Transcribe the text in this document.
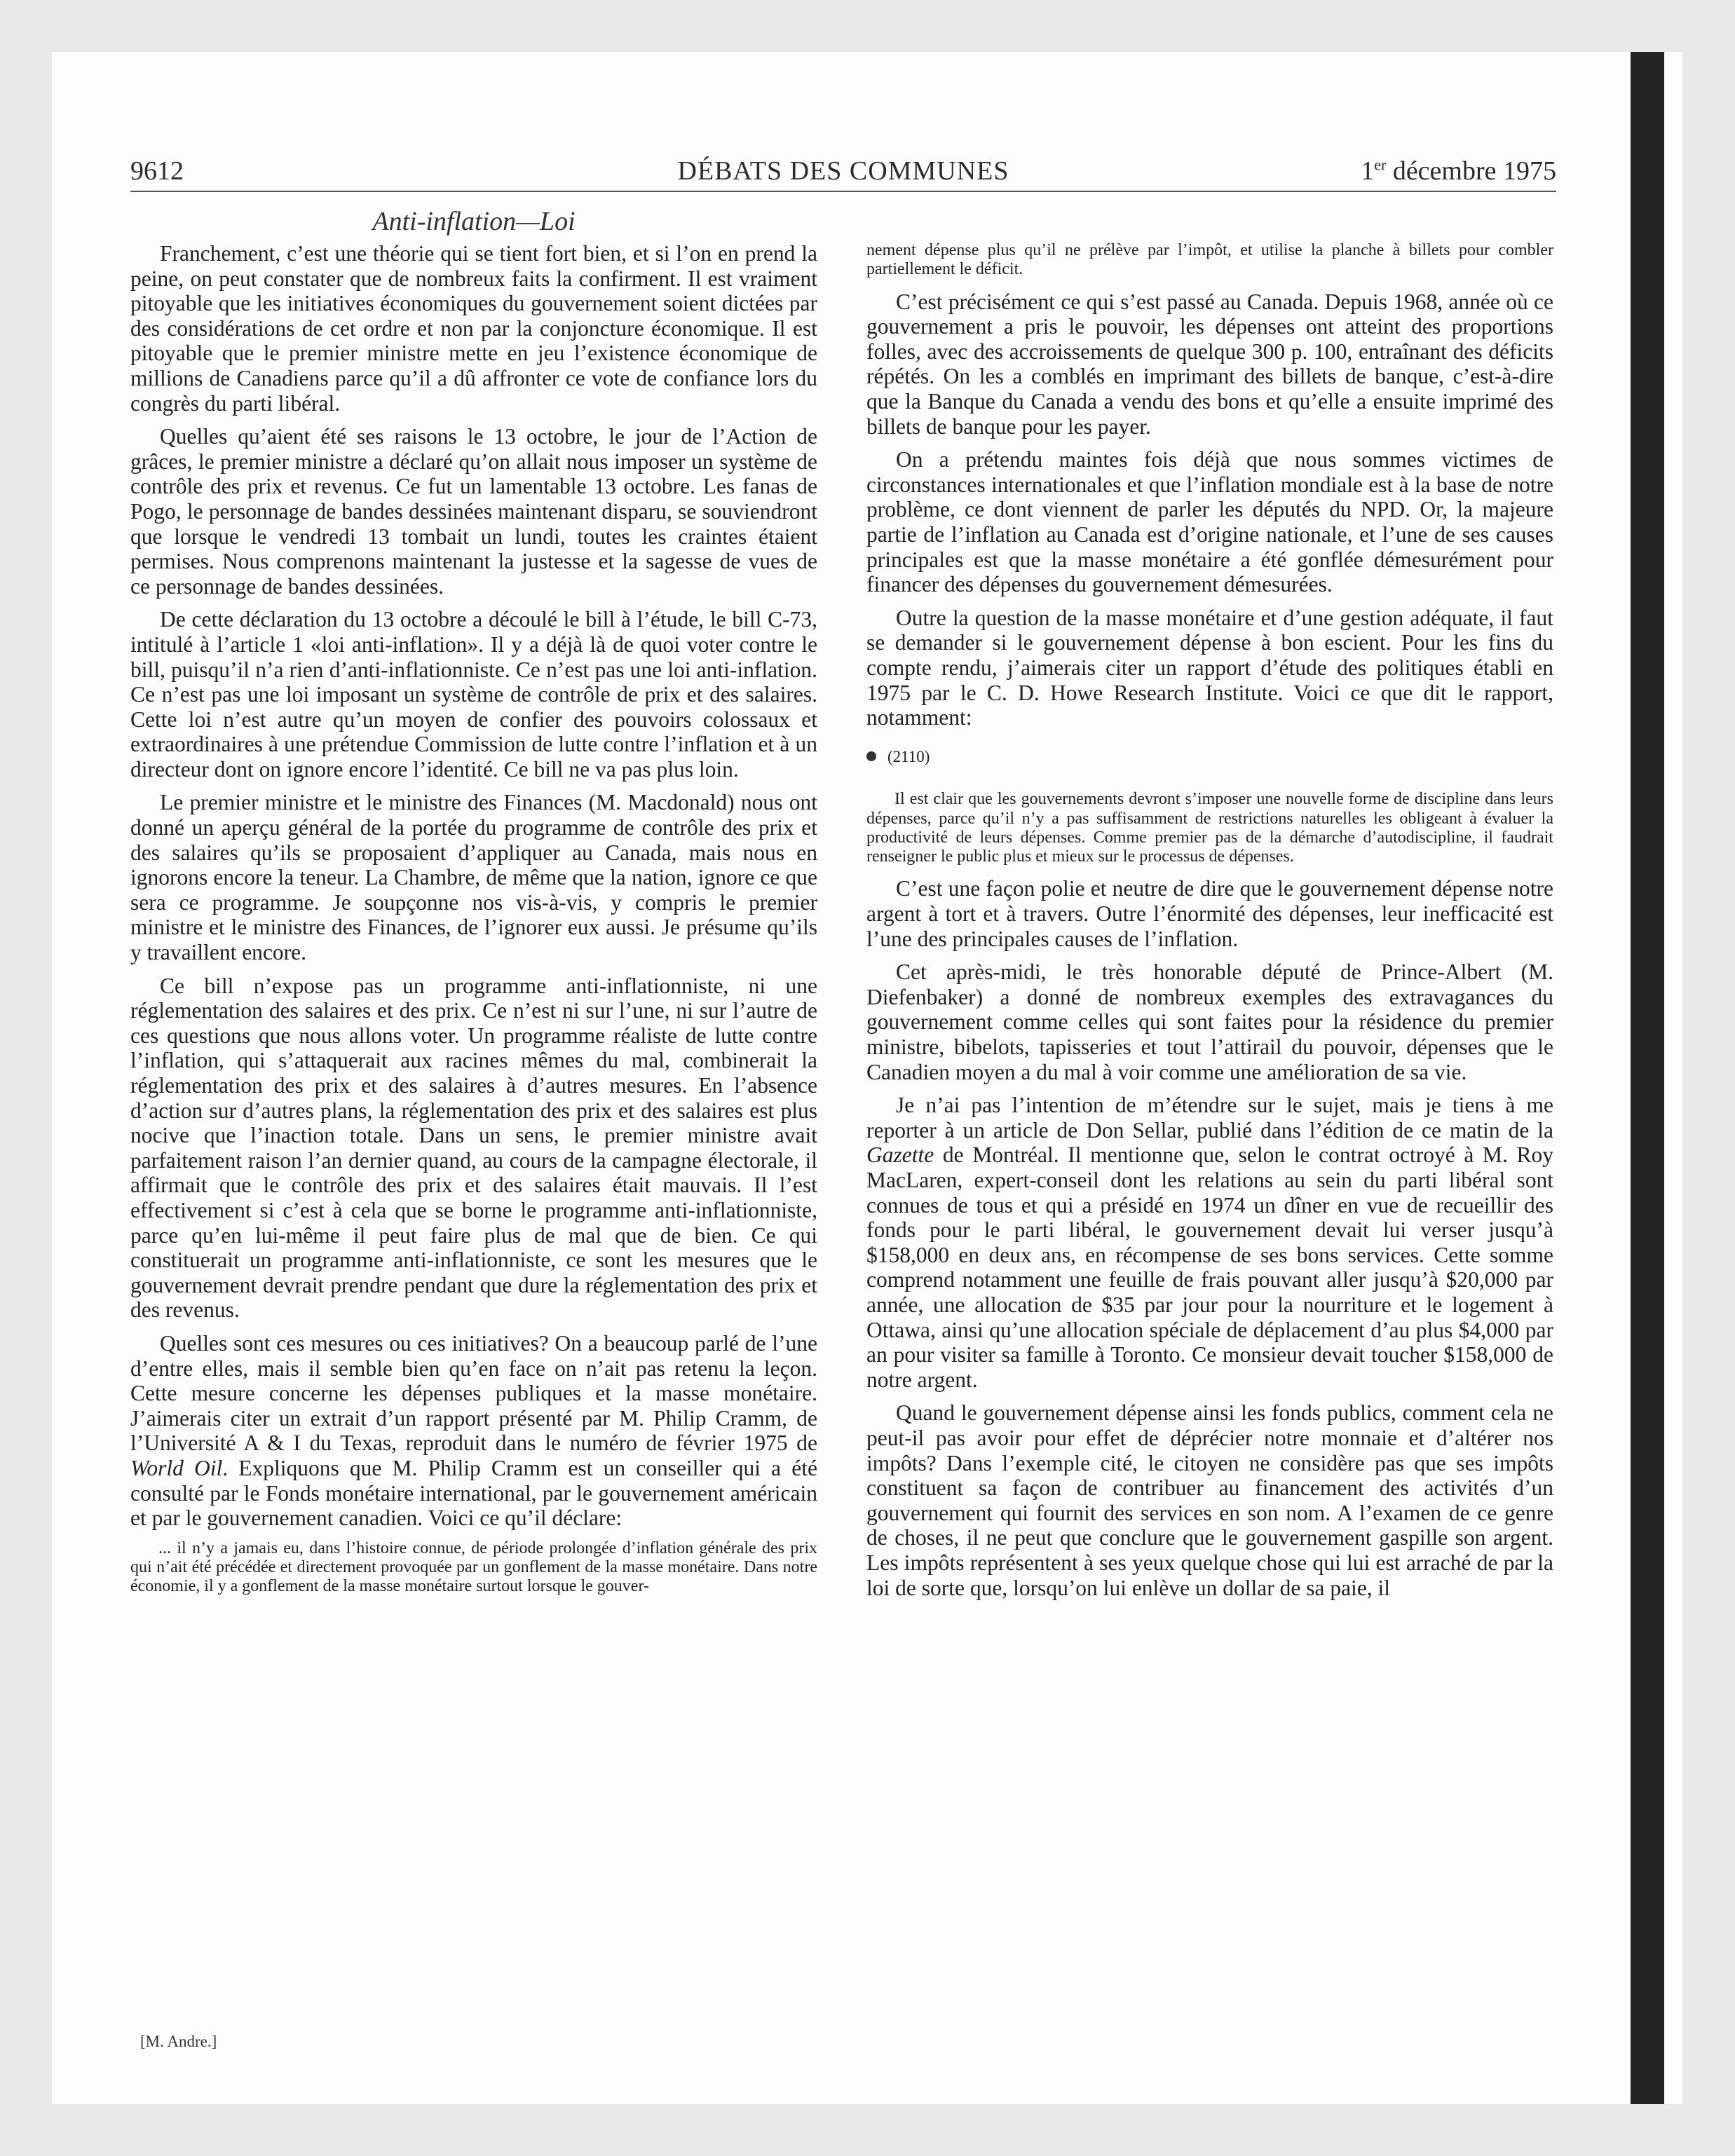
9612	DÉBATS DES COMMUNES	1er décembre 1975
Anti-inflation—Loi

Franchement, c’est une théorie qui se tient fort bien, et si l’on en prend la peine, on peut constater que de nombreux faits la confirment. Il est vraiment pitoyable que les initiatives économiques du gouvernement soient dictées par des considérations de cet ordre et non par la conjoncture économique. Il est pitoyable que le premier ministre mette en jeu l’existence économique de millions de Canadiens parce qu’il a dû affronter ce vote de confiance lors du congrès du parti libéral.

Quelles qu’aient été ses raisons le 13 octobre, le jour de l’Action de grâces, le premier ministre a déclaré qu’on allait nous imposer un système de contrôle des prix et revenus. Ce fut un lamentable 13 octobre. Les fanas de Pogo, le personnage de bandes dessinées maintenant disparu, se souviendront que lorsque le vendredi 13 tombait un lundi, toutes les craintes étaient permises. Nous comprenons maintenant la justesse et la sagesse de vues de ce personnage de bandes dessinées.

De cette déclaration du 13 octobre a découlé le bill à l’étude, le bill C-73, intitulé à l’article 1 «loi anti-inflation». Il y a déjà là de quoi voter contre le bill, puisqu’il n’a rien d’anti-inflationniste. Ce n’est pas une loi anti-inflation. Ce n’est pas une loi imposant un système de contrôle de prix et des salaires. Cette loi n’est autre qu’un moyen de confier des pouvoirs colossaux et extraordinaires à une prétendue Commission de lutte contre l’inflation et à un directeur dont on ignore encore l’identité. Ce bill ne va pas plus loin.

Le premier ministre et le ministre des Finances (M. Macdonald) nous ont donné un aperçu général de la portée du programme de contrôle des prix et des salaires qu’ils se proposaient d’appliquer au Canada, mais nous en ignorons encore la teneur. La Chambre, de même que la nation, ignore ce que sera ce programme. Je soupçonne nos vis-à-vis, y compris le premier ministre et le ministre des Finances, de l’ignorer eux aussi. Je présume qu’ils y travaillent encore.

Ce bill n’expose pas un programme anti-inflationniste, ni une réglementation des salaires et des prix. Ce n’est ni sur l’une, ni sur l’autre de ces questions que nous allons voter. Un programme réaliste de lutte contre l’inflation, qui s’attaquerait aux racines mêmes du mal, combinerait la réglementation des prix et des salaires à d’autres mesures. En l’absence d’action sur d’autres plans, la réglementation des prix et des salaires est plus nocive que l’inaction totale. Dans un sens, le premier ministre avait parfaitement raison l’an dernier quand, au cours de la campagne électorale, il affirmait que le contrôle des prix et des salaires était mauvais. Il l’est effectivement si c’est à cela que se borne le programme anti-inflationniste, parce qu’en lui-même il peut faire plus de mal que de bien. Ce qui constituerait un programme anti-inflationniste, ce sont les mesures que le gouvernement devrait prendre pendant que dure la réglementation des prix et des revenus.

Quelles sont ces mesures ou ces initiatives? On a beaucoup parlé de l’une d’entre elles, mais il semble bien qu’en face on n’ait pas retenu la leçon. Cette mesure concerne les dépenses publiques et la masse monétaire. J’aimerais citer un extrait d’un rapport présenté par M. Philip Cramm, de l’Université A & I du Texas, reproduit dans le numéro de février 1975 de World Oil. Expliquons que M. Philip Cramm est un conseiller qui a été consulté par le Fonds monétaire international, par le gouvernement américain et par le gouvernement canadien. Voici ce qu’il déclare:

... il n’y a jamais eu, dans l’histoire connue, de période prolongée d’inflation générale des prix qui n’ait été précédée et directement provoquée par un gonflement de la masse monétaire. Dans notre économie, il y a gonflement de la masse monétaire surtout lorsque le gouver-
[M. Andre.]
nement dépense plus qu’il ne prélève par l’impôt, et utilise la planche à billets pour combler partiellement le déficit.

C’est précisément ce qui s’est passé au Canada. Depuis 1968, année où ce gouvernement a pris le pouvoir, les dépenses ont atteint des proportions folles, avec des accroissements de quelque 300 p. 100, entraînant des déficits répétés. On les a comblés en imprimant des billets de banque, c’est-à-dire que la Banque du Canada a vendu des bons et qu’elle a ensuite imprimé des billets de banque pour les payer.

On a prétendu maintes fois déjà que nous sommes victimes de circonstances internationales et que l’inflation mondiale est à la base de notre problème, ce dont viennent de parler les députés du NPD. Or, la majeure partie de l’inflation au Canada est d’origine nationale, et l’une de ses causes principales est que la masse monétaire a été gonflée démesurément pour financer des dépenses du gouvernement démesurées.

Outre la question de la masse monétaire et d’une gestion adéquate, il faut se demander si le gouvernement dépense à bon escient. Pour les fins du compte rendu, j’aimerais citer un rapport d’étude des politiques établi en 1975 par le C. D. Howe Research Institute. Voici ce que dit le rapport, notamment:

(2110)
Il est clair que les gouvernements devront s’imposer une nouvelle forme de discipline dans leurs dépenses, parce qu’il n’y a pas suffisamment de restrictions naturelles les obligeant à évaluer la productivité de leurs dépenses. Comme premier pas de la démarche d’autodiscipline, il faudrait renseigner le public plus et mieux sur le processus de dépenses.

C’est une façon polie et neutre de dire que le gouvernement dépense notre argent à tort et à travers. Outre l’énormité des dépenses, leur inefficacité est l’une des principales causes de l’inflation.

Cet après-midi, le très honorable député de Prince-Albert (M. Diefenbaker) a donné de nombreux exemples des extravagances du gouvernement comme celles qui sont faites pour la résidence du premier ministre, bibelots, tapisseries et tout l’attirail du pouvoir, dépenses que le Canadien moyen a du mal à voir comme une amélioration de sa vie.

Je n’ai pas l’intention de m’étendre sur le sujet, mais je tiens à me reporter à un article de Don Sellar, publié dans l’édition de ce matin de la Gazette de Montréal. Il mentionne que, selon le contrat octroyé à M. Roy MacLaren, expert-conseil dont les relations au sein du parti libéral sont connues de tous et qui a présidé en 1974 un dîner en vue de recueillir des fonds pour le parti libéral, le gouvernement devait lui verser jusqu’à $158,000 en deux ans, en récompense de ses bons services. Cette somme comprend notamment une feuille de frais pouvant aller jusqu’à $20,000 par année, une allocation de $35 par jour pour la nourriture et le logement à Ottawa, ainsi qu’une allocation spéciale de déplacement d’au plus $4,000 par an pour visiter sa famille à Toronto. Ce monsieur devait toucher $158,000 de notre argent.

Quand le gouvernement dépense ainsi les fonds publics, comment cela ne peut-il pas avoir pour effet de déprécier notre monnaie et d’altérer nos impôts? Dans l’exemple cité, le citoyen ne considère pas que ses impôts constituent sa façon de contribuer au financement des activités d’un gouvernement qui fournit des services en son nom. A l’examen de ce genre de choses, il ne peut que conclure que le gouvernement gaspille son argent. Les impôts représentent à ses yeux quelque chose qui lui est arraché de par la loi de sorte que, lorsqu’on lui enlève un dollar de sa paie, il
